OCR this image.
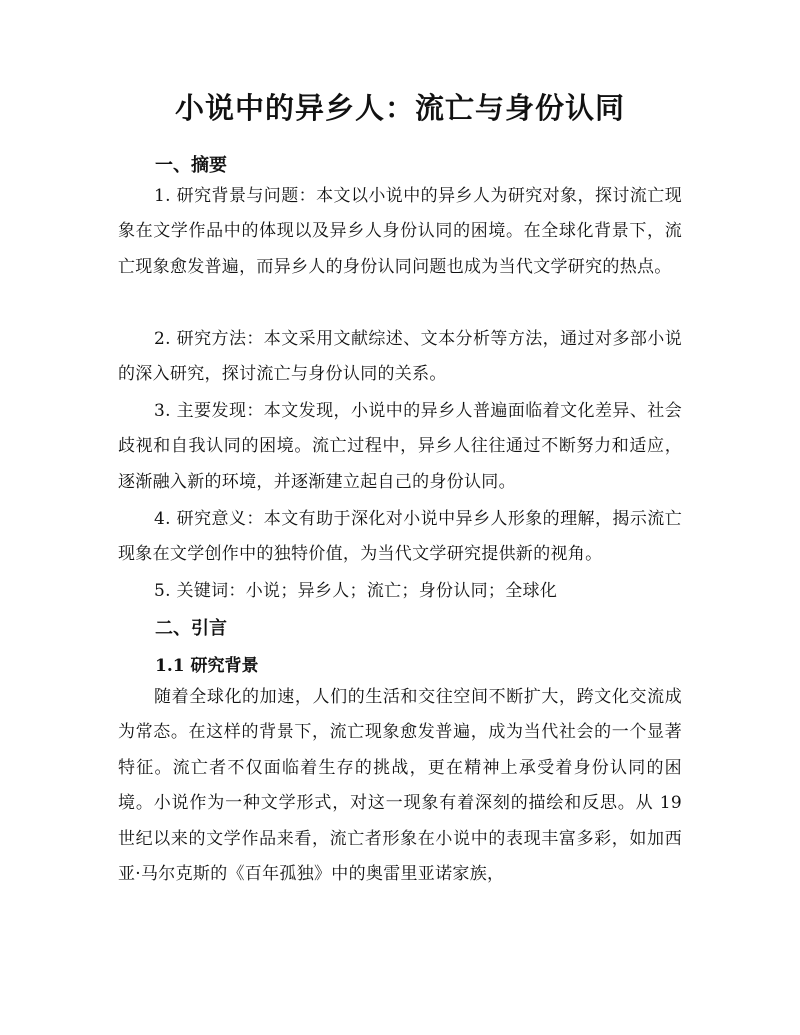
小说中的异乡人：流亡与身份认同
一、摘要

1. 研究背景与问题：本文以小说中的异乡人为研究对象，探讨流亡现象在文学作品中的体现以及异乡人身份认同的困境。在全球化背景下，流亡现象愈发普遍，而异乡人的身份认同问题也成为当代文学研究的热点。

2. 研究方法：本文采用文献综述、文本分析等方法，通过对多部小说的深入研究，探讨流亡与身份认同的关系。

3. 主要发现：本文发现，小说中的异乡人普遍面临着文化差异、社会歧视和自我认同的困境。流亡过程中，异乡人往往通过不断努力和适应，逐渐融入新的环境，并逐渐建立起自己的身份认同。

4. 研究意义：本文有助于深化对小说中异乡人形象的理解，揭示流亡现象在文学创作中的独特价值，为当代文学研究提供新的视角。

5. 关键词：小说；异乡人；流亡；身份认同；全球化

二、引言
1.1 研究背景

随着全球化的加速，人们的生活和交往空间不断扩大，跨文化交流成为常态。在这样的背景下，流亡现象愈发普遍，成为当代社会的一个显著特征。流亡者不仅面临着生存的挑战，更在精神上承受着身份认同的困境。小说作为一种文学形式，对这一现象有着深刻的描绘和反思。从 19 世纪以来的文学作品来看，流亡者形象在小说中的表现丰富多彩，如加西亚·马尔克斯的《百年孤独》中的奥雷里亚诺家族，
